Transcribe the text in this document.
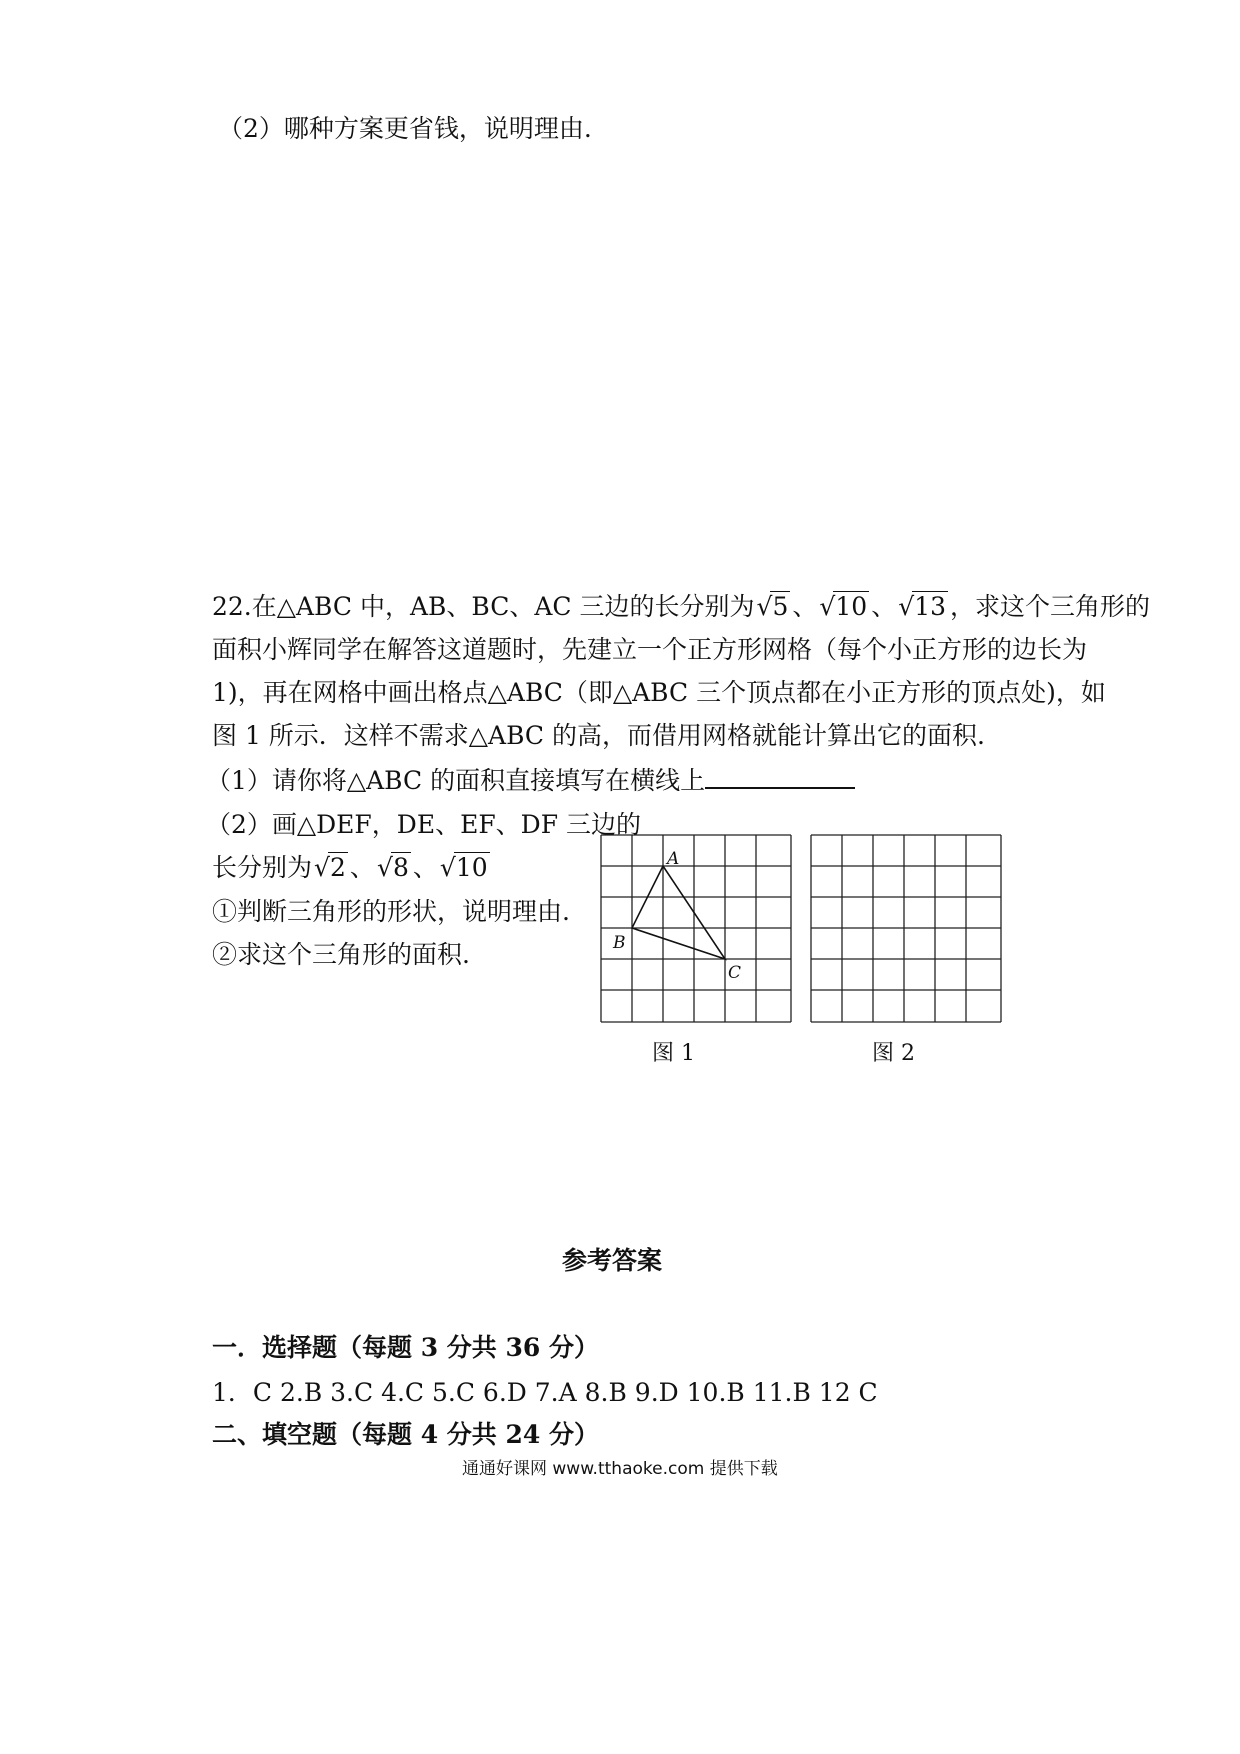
（2）哪种方案更省钱，说明理由.
22.在△ABC 中，AB、BC、AC 三边的长分别为 √ 5 、 √ 10 、 √ 13 ，求这个三角形的
面积小辉同学在解答这道题时，先建立一个正方形网格（每个小正方形的边长为
1)，再在网格中画出格点△ABC（即△ABC 三个顶点都在小正方形的顶点处)，如
图 1 所示．这样不需求△ABC 的高，而借用网格就能计算出它的面积.
（1）请你将△ABC 的面积直接填写在横线上
（2）画△DEF，DE、EF、DF 三边的
长分别为 √ 2 、 √ 8 、 √ 10
①判断三角形的形状，说明理由.
②求这个三角形的面积.
A
B
C
图 1	图 2
参考答案
一．选择题（每题 3 分共 36 分）
1．C 2.B 3.C 4.C 5.C 6.D 7.A 8.B 9.D 10.B 11.B 12 C
二、填空题（每题 4 分共 24 分）
通通好课网 www.tthaoke.com 提供下载
